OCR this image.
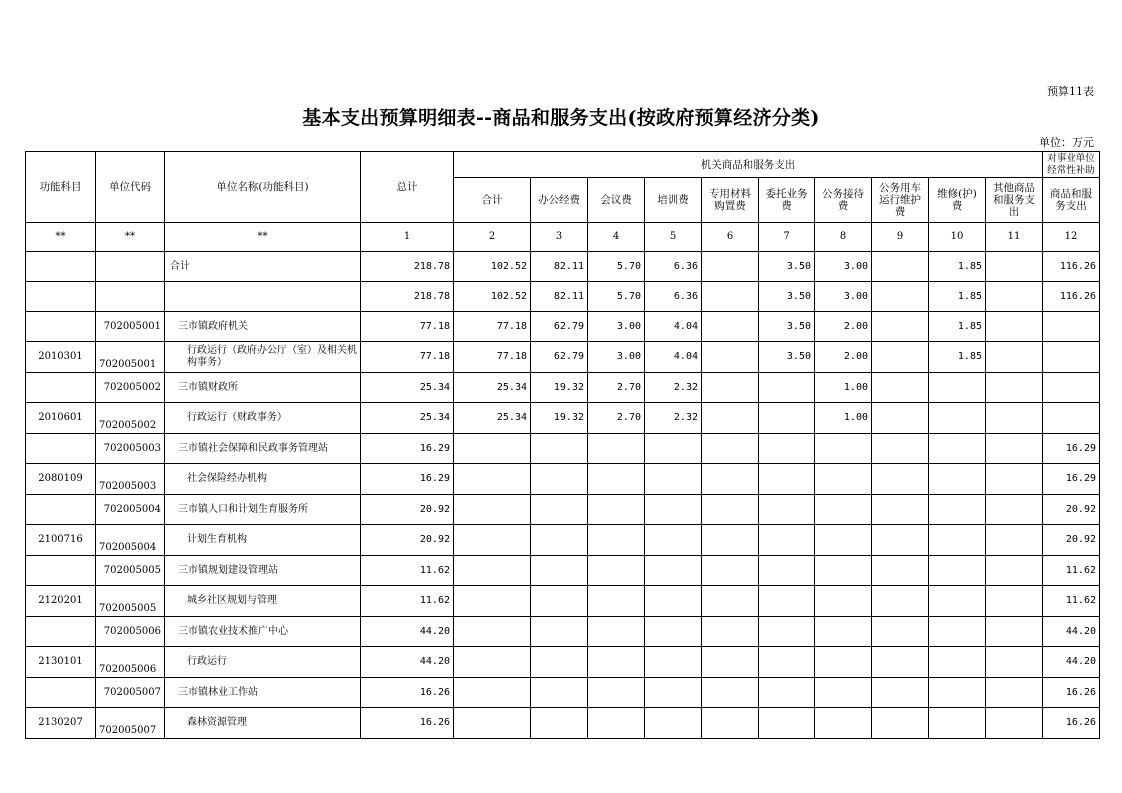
预算11表
基本支出预算明细表--商品和服务支出(按政府预算经济分类)
单位：万元
功能科目	单位代码	单位名称(功能科目)	总计	机关商品和服务支出										对事业单位经常性补助
				合计	办公经费	会议费	培训费	专用材料购置费	委托业务费	公务接待费	公务用车运行维护费	维修(护)费	其他商品和服务支出	商品和服务支出
**	**	**	1	2	3	4	5	6	7	8	9	10	11	12
		合计	218.78	102.52	82.11	5.70	6.36		3.50	3.00		1.85		116.26
			218.78	102.52	82.11	5.70	6.36		3.50	3.00		1.85		116.26
	702005001	三市镇政府机关	77.18	77.18	62.79	3.00	4.04		3.50	2.00		1.85		
2010301	702005001	行政运行（政府办公厅（室）及相关机构事务）	77.18	77.18	62.79	3.00	4.04		3.50	2.00		1.85		
	702005002	三市镇财政所	25.34	25.34	19.32	2.70	2.32			1.00				
2010601	702005002	行政运行（财政事务）	25.34	25.34	19.32	2.70	2.32			1.00				
	702005003	三市镇社会保障和民政事务管理站	16.29											16.29
2080109	702005003	社会保险经办机构	16.29											16.29
	702005004	三市镇人口和计划生育服务所	20.92											20.92
2100716	702005004	计划生育机构	20.92											20.92
	702005005	三市镇规划建设管理站	11.62											11.62
2120201	702005005	城乡社区规划与管理	11.62											11.62
	702005006	三市镇农业技术推广中心	44.20											44.20
2130101	702005006	行政运行	44.20											44.20
	702005007	三市镇林业工作站	16.26											16.26
2130207	702005007	森林资源管理	16.26											16.26
